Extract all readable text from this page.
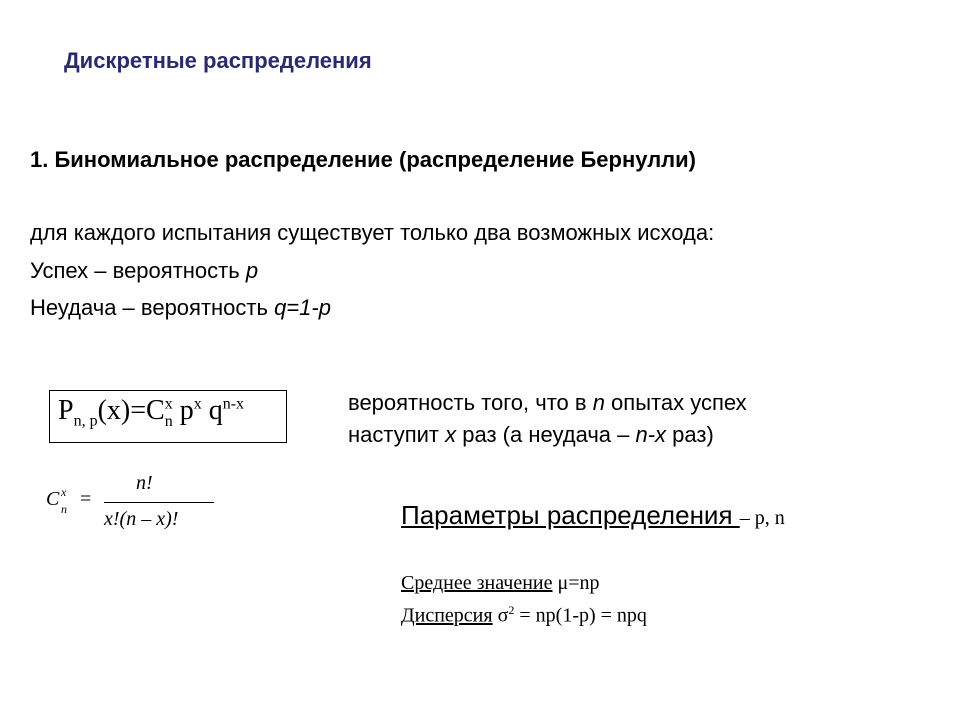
Дискретные распределения
1. Биномиальное распределение (распределение Бернулли)
для каждого испытания существует только два возможных исхода:
Успех – вероятность p
Неудача – вероятность q=1-p
$P_{n, p}(x)=C^x_n$ $p^x$ $q^{n-x}$	вероятность того, что в n опытах успех
наступит x раз (а неудача – n-x раз)
C x
n =
n!
x!(n – x)!	Параметры распределения – p, n
Среднее значение μ=np
Дисперсия $\sigma^2 = np(1-p)$ = npq
